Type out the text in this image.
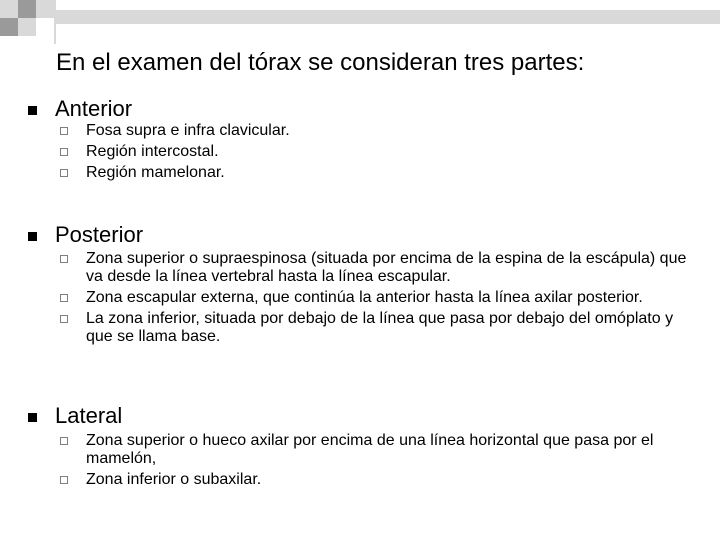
En el examen del tórax se consideran tres partes:
Anterior
Fosa supra e infra clavicular.
Región intercostal.
Región mamelonar.
Posterior
Zona superior o supraespinosa (situada por encima de la espina de la escápula) que va desde la línea vertebral hasta la línea escapular.
Zona escapular externa, que continúa la anterior hasta la línea axilar posterior.
La zona inferior, situada por debajo de la línea que pasa por debajo del omóplato y que se llama base.
Lateral
Zona superior o hueco axilar por encima de una línea horizontal que pasa por el mamelón,
Zona inferior o subaxilar.
